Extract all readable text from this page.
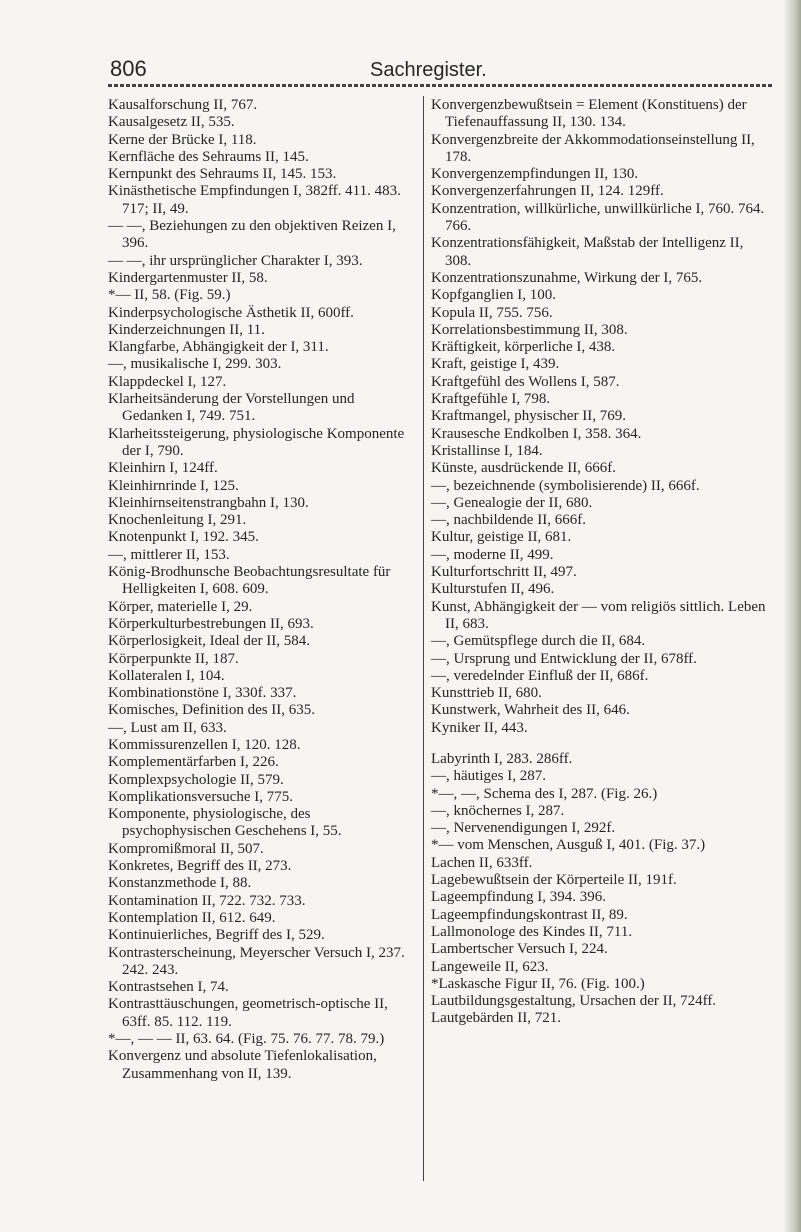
806	Sachregister.
Kausalforschung II, 767.
Kausalgesetz II, 535.
Kerne der Brücke I, 118.
Kernfläche des Sehraums II, 145.
Kernpunkt des Sehraums II, 145. 153.
Kinästhetische Empfindungen I, 382ff. 411. 483. 717; II, 49.
— —, Beziehungen zu den objektiven Reizen I, 396.
— —, ihr ursprünglicher Charakter I, 393.
Kindergartenmuster II, 58.
*— II, 58. (Fig. 59.)
Kinderpsychologische Ästhetik II, 600ff.
Kinderzeichnungen II, 11.
Klangfarbe, Abhängigkeit der I, 311.
—, musikalische I, 299. 303.
Klappdeckel I, 127.
Klarheitsänderung der Vorstellungen und Gedanken I, 749. 751.
Klarheitssteigerung, physiologische Komponente der I, 790.
Kleinhirn I, 124ff.
Kleinhirnrinde I, 125.
Kleinhirnseitenstrangbahn I, 130.
Knochenleitung I, 291.
Knotenpunkt I, 192. 345.
—, mittlerer II, 153.
König-Brodhunsche Beobachtungsresultate für Helligkeiten I, 608. 609.
Körper, materielle I, 29.
Körperkulturbestrebungen II, 693.
Körperlosigkeit, Ideal der II, 584.
Körperpunkte II, 187.
Kollateralen I, 104.
Kombinationstöne I, 330f. 337.
Komisches, Definition des II, 635.
—, Lust am II, 633.
Kommissurenzellen I, 120. 128.
Komplementärfarben I, 226.
Komplexpsychologie II, 579.
Komplikationsversuche I, 775.
Komponente, physiologische, des psychophysischen Geschehens I, 55.
Kompromißmoral II, 507.
Konkretes, Begriff des II, 273.
Konstanzmethode I, 88.
Kontamination II, 722. 732. 733.
Kontemplation II, 612. 649.
Kontinuierliches, Begriff des I, 529.
Kontrasterscheinung, Meyerscher Versuch I, 237. 242. 243.
Kontrastsehen I, 74.
Kontrasttäuschungen, geometrisch-optische II, 63ff. 85. 112. 119.
*—, — — II, 63. 64. (Fig. 75. 76. 77. 78. 79.)
Konvergenz und absolute Tiefenlokalisation, Zusammenhang von II, 139.
Konvergenzbewußtsein = Element (Konstituens) der Tiefenauffassung II, 130. 134.
Konvergenzbreite der Akkommodationseinstellung II, 178.
Konvergenzempfindungen II, 130.
Konvergenzerfahrungen II, 124. 129ff.
Konzentration, willkürliche, unwillkürliche I, 760. 764. 766.
Konzentrationsfähigkeit, Maßstab der Intelligenz II, 308.
Konzentrationszunahme, Wirkung der I, 765.
Kopfganglien I, 100.
Kopula II, 755. 756.
Korrelationsbestimmung II, 308.
Kräftigkeit, körperliche I, 438.
Kraft, geistige I, 439.
Kraftgefühl des Wollens I, 587.
Kraftgefühle I, 798.
Kraftmangel, physischer II, 769.
Krausesche Endkolben I, 358. 364.
Kristallinse I, 184.
Künste, ausdrückende II, 666f.
—, bezeichnende (symbolisierende) II, 666f.
—, Genealogie der II, 680.
—, nachbildende II, 666f.
Kultur, geistige II, 681.
—, moderne II, 499.
Kulturfortschritt II, 497.
Kulturstufen II, 496.
Kunst, Abhängigkeit der — vom religiös sittlich. Leben II, 683.
—, Gemütspflege durch die II, 684.
—, Ursprung und Entwicklung der II, 678ff.
—, veredelnder Einfluß der II, 686f.
Kunsttrieb II, 680.
Kunstwerk, Wahrheit des II, 646.
Kyniker II, 443.
Labyrinth I, 283. 286ff.
—, häutiges I, 287.
*—, —, Schema des I, 287. (Fig. 26.)
—, knöchernes I, 287.
—, Nervenendigungen I, 292f.
*— vom Menschen, Ausguß I, 401. (Fig. 37.)
Lachen II, 633ff.
Lagebewußtsein der Körperteile II, 191f.
Lageempfindung I, 394. 396.
Lageempfindungskontrast II, 89.
Lallmonologe des Kindes II, 711.
Lambertscher Versuch I, 224.
Langeweile II, 623.
*Laskasche Figur II, 76. (Fig. 100.)
Lautbildungsgestaltung, Ursachen der II, 724ff.
Lautgebärden II, 721.
